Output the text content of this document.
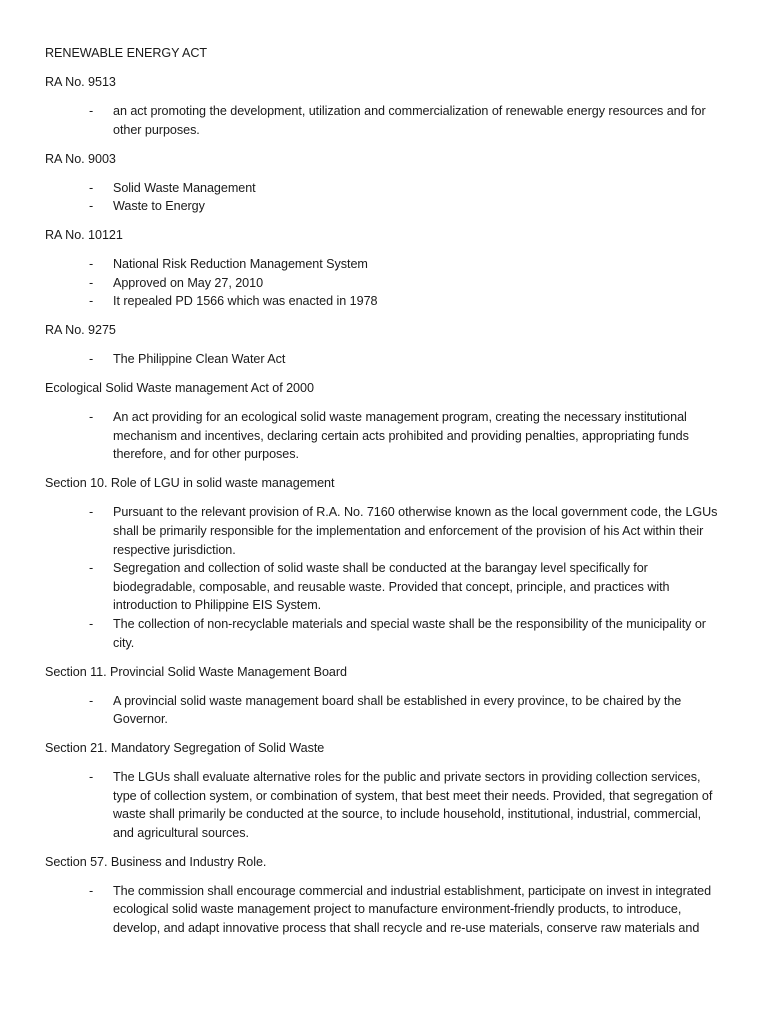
RENEWABLE ENERGY ACT

RA No. 9513

- an act promoting the development, utilization and commercialization of renewable energy resources and for other purposes.

RA No. 9003

- Solid Waste Management
- Waste to Energy

RA No. 10121

- National Risk Reduction Management System
- Approved on May 27, 2010
- It repealed PD 1566 which was enacted in 1978

RA No. 9275

- The Philippine Clean Water Act

Ecological Solid Waste management Act of 2000

- An act providing for an ecological solid waste management program, creating the necessary institutional mechanism and incentives, declaring certain acts prohibited and providing penalties, appropriating funds therefore, and for other purposes.

Section 10. Role of LGU in solid waste management

- Pursuant to the relevant provision of R.A. No. 7160 otherwise known as the local government code, the LGUs shall be primarily responsible for the implementation and enforcement of the provision of his Act within their respective jurisdiction.
- Segregation and collection of solid waste shall be conducted at the barangay level specifically for biodegradable, composable, and reusable waste. Provided that concept, principle, and practices with introduction to Philippine EIS System.
- The collection of non-recyclable materials and special waste shall be the responsibility of the municipality or city.

Section 11. Provincial Solid Waste Management Board

- A provincial solid waste management board shall be established in every province, to be chaired by the Governor.

Section 21. Mandatory Segregation of Solid Waste

- The LGUs shall evaluate alternative roles for the public and private sectors in providing collection services, type of collection system, or combination of system, that best meet their needs. Provided, that segregation of waste shall primarily be conducted at the source, to include household, institutional, industrial, commercial, and agricultural sources.

Section 57. Business and Industry Role.

- The commission shall encourage commercial and industrial establishment, participate on invest in integrated ecological solid waste management project to manufacture environment-friendly products, to introduce, develop, and adapt innovative process that shall recycle and re-use materials, conserve raw materials and
